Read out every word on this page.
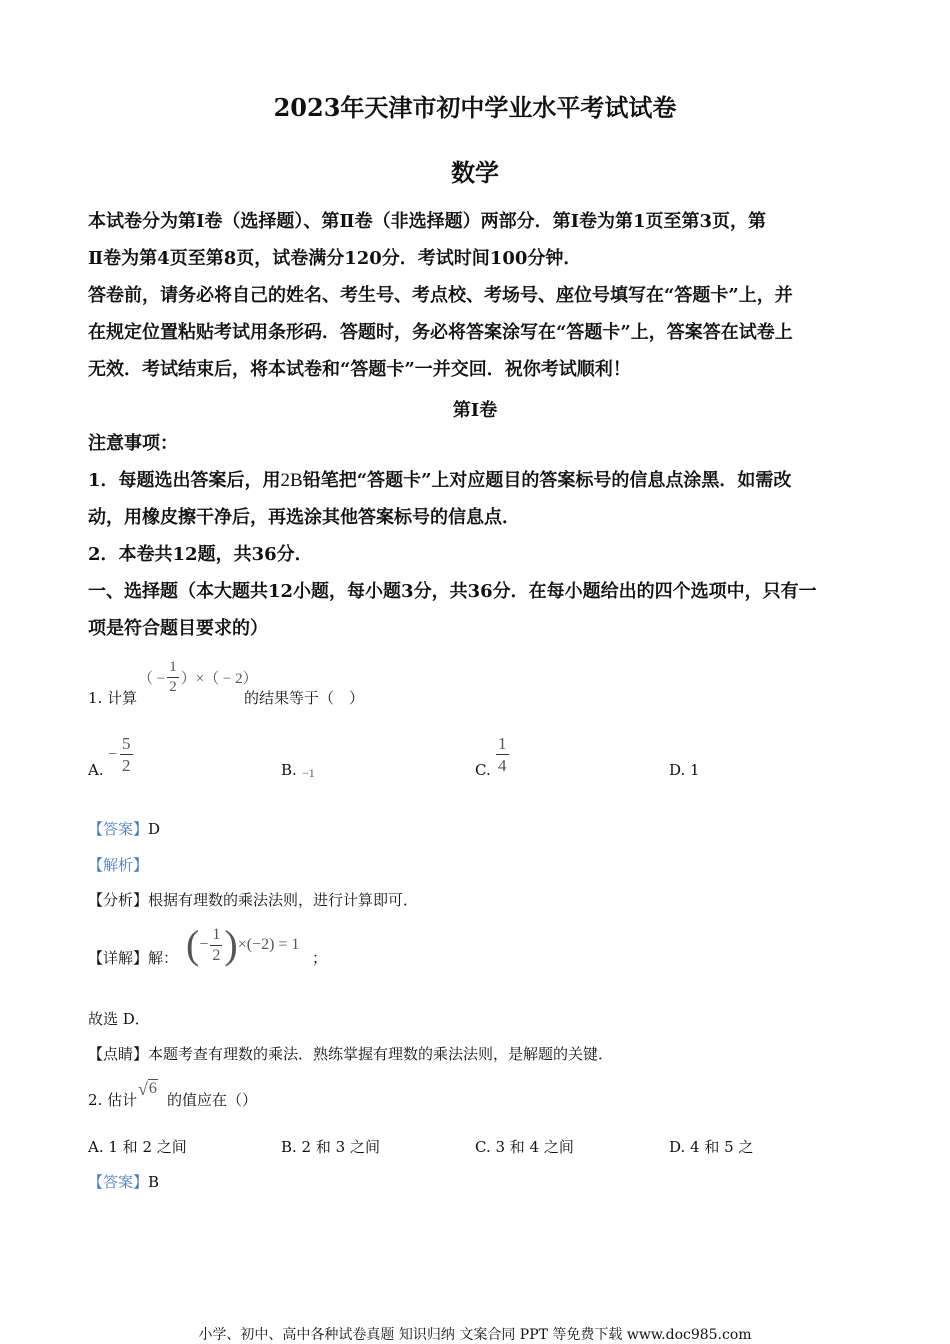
2023年天津市初中学业水平考试试卷
数学
本试卷分为第Ⅰ卷（选择题）、第Ⅱ卷（非选择题）两部分．第Ⅰ卷为第1页至第3页，第
Ⅱ卷为第4页至第8页，试卷满分120分．考试时间100分钟．
答卷前，请务必将自己的姓名、考生号、考点校、考场号、座位号填写在“答题卡”上，并
在规定位置粘贴考试用条形码．答题时，务必将答案涂写在“答题卡”上，答案答在试卷上
无效．考试结束后，将本试卷和“答题卡”一并交回．祝你考试顺利！
第Ⅰ卷
注意事项：
1．每题选出答案后，用2B铅笔把“答题卡”上对应题目的答案标号的信息点涂黑．如需改
动，用橡皮擦干净后，再选涂其他答案标号的信息点．
2．本卷共12题，共36分．
一、选择题（本大题共12小题，每小题3分，共36分．在每小题给出的四个选项中，只有一
项是符合题目要求的）
1. 计算
（ − $\frac{1}{2}$ ）×（ − 2）
的结果等于（　）
A.
− $\frac{5}{2}$	B. −1	C. $\frac{1}{4}$	D. 1
【答案】D
【解析】
【分析】根据有理数的乘法法则，进行计算即可．
【详解】解： ( − $\frac{1}{2}$ ) ×(−2) = 1
；
故选 D．
【点睛】本题考查有理数的乘法．熟练掌握有理数的乘法法则，是解题的关键．
2. 估计
√ 6
的值应在（）
A. 1 和 2 之间	B. 2 和 3 之间	C. 3 和 4 之间	D. 4 和 5 之
【答案】B
小学、初中、高中各种试卷真题 知识归纳 文案合同 PPT 等免费下载 www.doc985.com
